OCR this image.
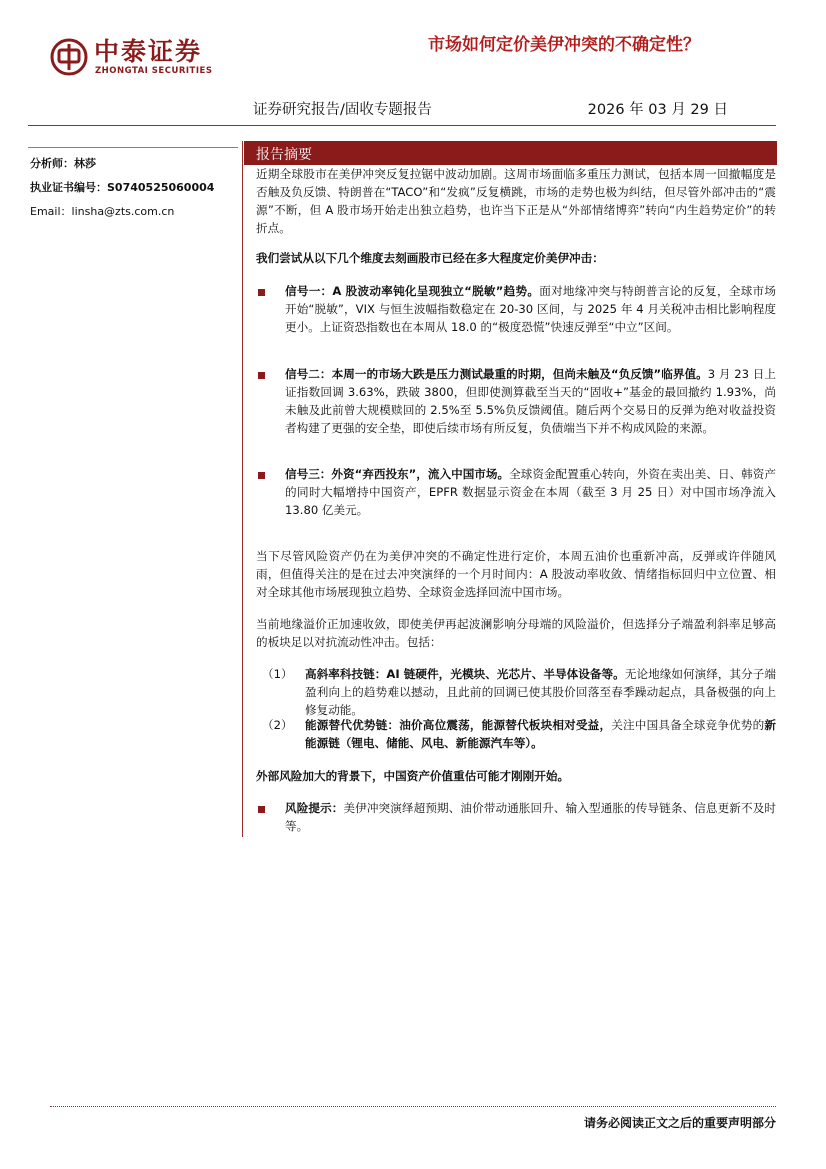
中泰证券
ZHONGTAI SECURITIES
市场如何定价美伊冲突的不确定性？
证券研究报告/固收专题报告	2026 年 03 月 29 日
分析师：林莎
执业证书编号：S0740525060004
Email：linsha@zts.com.cn
报告摘要
近期全球股市在美伊冲突反复拉锯中波动加剧。这周市场面临多重压力测试，包括本周一回撤幅度是否触及负反馈、特朗普在“TACO”和“发疯”反复横跳，市场的走势也极为纠结，但尽管外部冲击的“震源”不断，但 A 股市场开始走出独立趋势，也许当下正是从“外部情绪博弈”转向“内生趋势定价”的转折点。
我们尝试从以下几个维度去刻画股市已经在多大程度定价美伊冲击：
信号一：A 股波动率钝化呈现独立“脱敏”趋势。面对地缘冲突与特朗普言论的反复，全球市场开始“脱敏”，VIX 与恒生波幅指数稳定在 20-30 区间，与 2025 年 4 月关税冲击相比影响程度更小。上证资恐指数也在本周从 18.0 的“极度恐慌”快速反弹至“中立”区间。
信号二：本周一的市场大跌是压力测试最重的时期，但尚未触及“负反馈”临界值。3 月 23 日上证指数回调 3.63%，跌破 3800，但即使测算截至当天的“固收+”基金的最回撤约 1.93%，尚未触及此前曾大规模赎回的 2.5%至 5.5%负反馈阈值。随后两个交易日的反弹为绝对收益投资者构建了更强的安全垫，即使后续市场有所反复，负债端当下并不构成风险的来源。
信号三：外资“弃西投东”，流入中国市场。全球资金配置重心转向，外资在卖出美、日、韩资产的同时大幅增持中国资产，EPFR 数据显示资金在本周（截至 3 月 25 日）对中国市场净流入 13.80 亿美元。
当下尽管风险资产仍在为美伊冲突的不确定性进行定价，本周五油价也重新冲高，反弹或许伴随风雨，但值得关注的是在过去冲突演绎的一个月时间内：A 股波动率收敛、情绪指标回归中立位置、相对全球其他市场展现独立趋势、全球资金选择回流中国市场。
当前地缘溢价正加速收敛，即使美伊再起波澜影响分母端的风险溢价，但选择分子端盈利斜率足够高的板块足以对抗流动性冲击。包括：
（1） 高斜率科技链：AI 链硬件，光模块、光芯片、半导体设备等。无论地缘如何演绎，其分子端盈利向上的趋势难以撼动，且此前的回调已使其股价回落至春季躁动起点，具备极强的向上修复动能。
（2） 能源替代优势链：油价高位震荡，能源替代板块相对受益，关注中国具备全球竞争优势的新能源链（锂电、储能、风电、新能源汽车等）。
外部风险加大的背景下，中国资产价值重估可能才刚刚开始。
风险提示：美伊冲突演绎超预期、油价带动通胀回升、输入型通胀的传导链条、信息更新不及时等。
请务必阅读正文之后的重要声明部分
